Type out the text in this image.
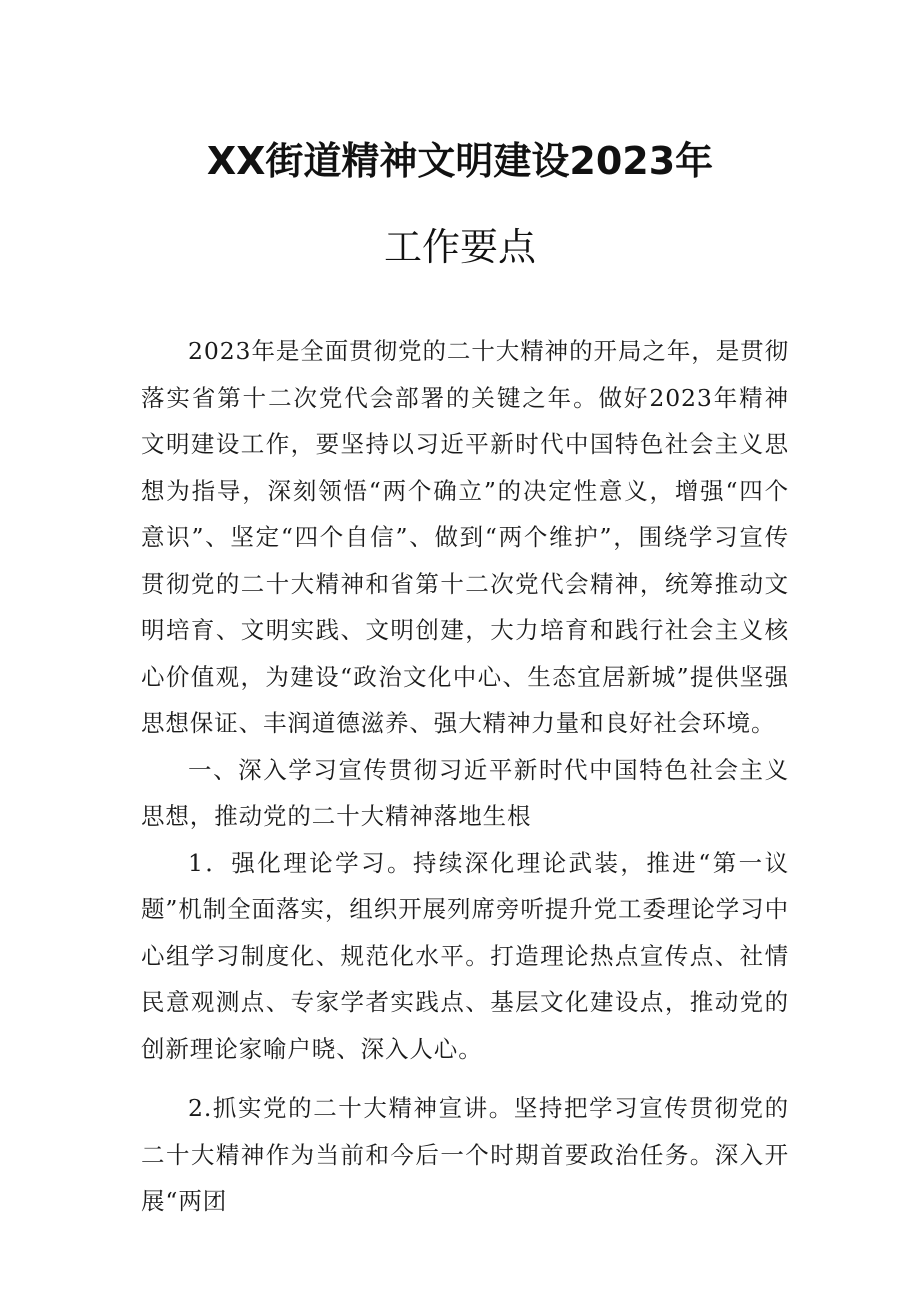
XX街道精神文明建设2023年
工作要点

2023年是全面贯彻党的二十大精神的开局之年，是贯彻落实省第十二次党代会部署的关键之年。做好2023年精神文明建设工作，要坚持以习近平新时代中国特色社会主义思想为指导，深刻领悟“两个确立”的决定性意义，增强“四个意识”、坚定“四个自信”、做到“两个维护”，围绕学习宣传贯彻党的二十大精神和省第十二次党代会精神，统筹推动文明培育、文明实践、文明创建，大力培育和践行社会主义核心价值观，为建设“政治文化中心、生态宜居新城”提供坚强思想保证、丰润道德滋养、强大精神力量和良好社会环境。

一、深入学习宣传贯彻习近平新时代中国特色社会主义思想，推动党的二十大精神落地生根

1．强化理论学习。持续深化理论武装，推进“第一议题”机制全面落实，组织开展列席旁听提升党工委理论学习中心组学习制度化、规范化水平。打造理论热点宣传点、社情民意观测点、专家学者实践点、基层文化建设点，推动党的创新理论家喻户晓、深入人心。

2.抓实党的二十大精神宣讲。坚持把学习宣传贯彻党的二十大精神作为当前和今后一个时期首要政治任务。深入开展“两团
